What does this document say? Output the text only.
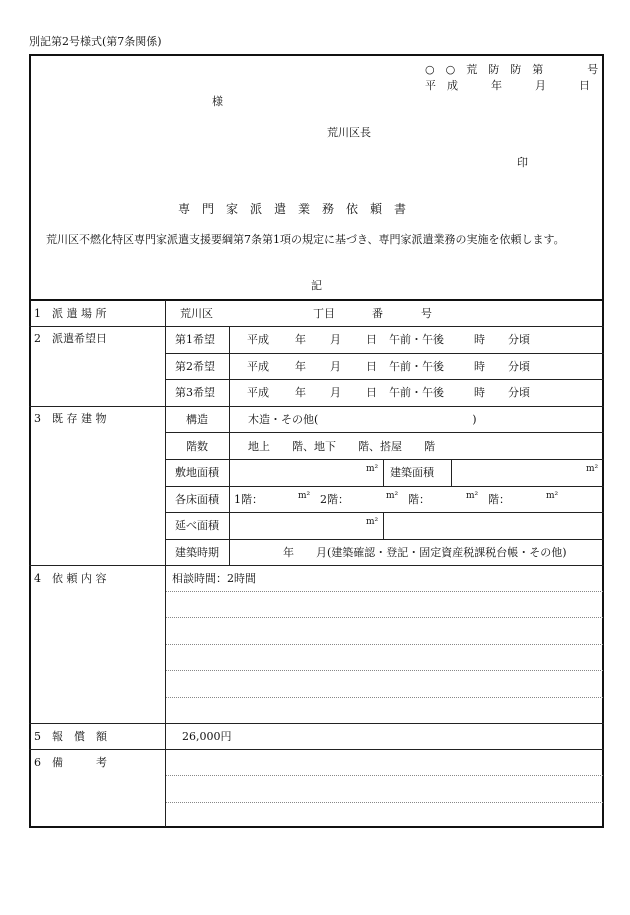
別記第2号様式(第7条関係)
○　○　荒　防　防　第　　　　号
平　成　　　年　　　月　　　日
様
荒川区長
印
専　門　家　派　遣　業　務　依　頼　書
荒川区不燃化特区専門家派遣支援要綱第7条第1項の規定に基づき、専門家派遣業務の実施を依頼します。
記
1　派 遣 場 所	荒川区	丁目	番	号
2　派遣希望日	第1希望	平成 年 月 日 午前・午後	時 分頃
第2希望	平成 年 月 日 午前・午後	時 分頃
第3希望	平成 年 月 日 午前・午後	時 分頃
3　既 存 建 物	構造	木造・その他(　　　　　　　　　　　　　　)
階数	地上　　階、地下　　階、搭屋　　階
敷地面積	m² 建築面積	m²
各床面積 1階：	m² 2階：	m² 階：	m² 階：	m²
延べ面積	m²
建築時期	年　　月(建築確認・登記・固定資産税課税台帳・その他)
4　依 頼 内 容	相談時間：2時間
5　報　償　額	26,000円
6　備　　　考
